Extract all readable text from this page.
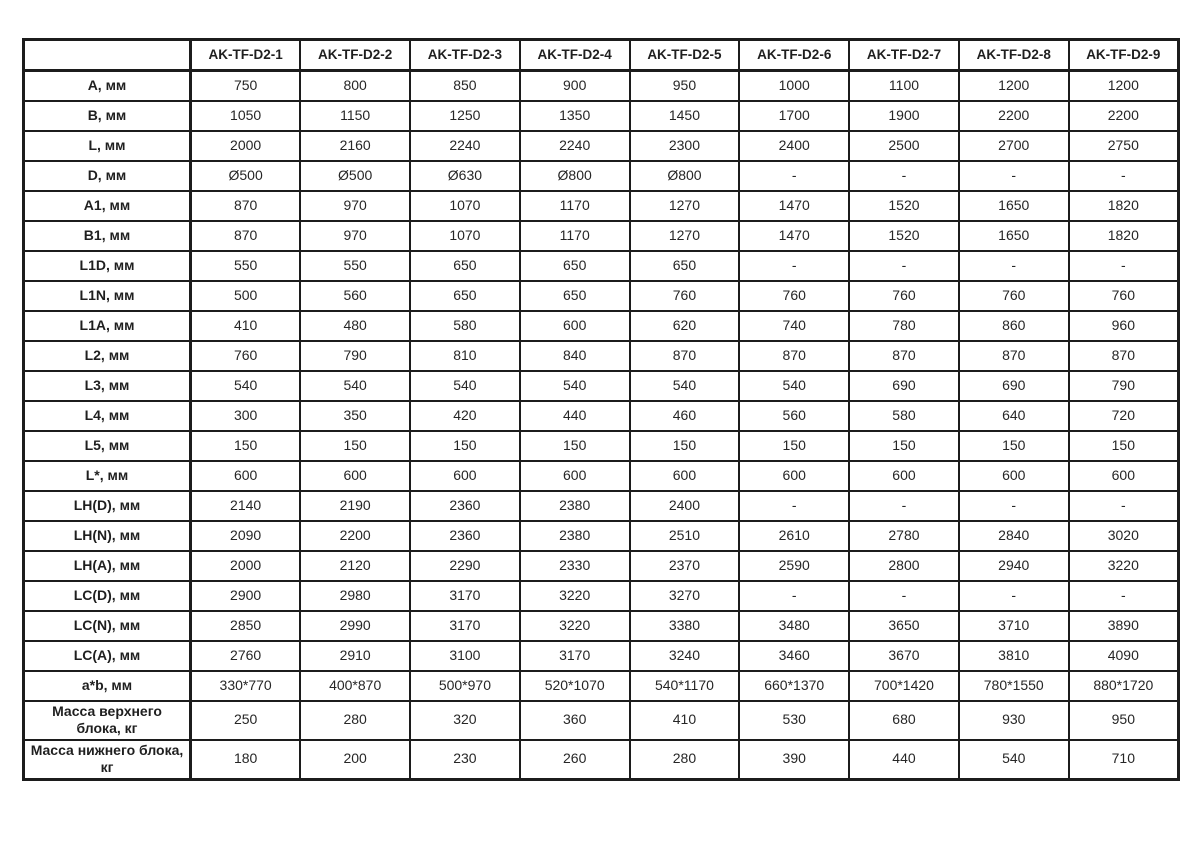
	AK-TF-D2-1	AK-TF-D2-2	AK-TF-D2-3	AK-TF-D2-4	AK-TF-D2-5	AK-TF-D2-6	AK-TF-D2-7	AK-TF-D2-8	AK-TF-D2-9
А, мм	750	800	850	900	950	1000	1100	1200	1200
B, мм	1050	1150	1250	1350	1450	1700	1900	2200	2200
L, мм	2000	2160	2240	2240	2300	2400	2500	2700	2750
D, мм	Ø500	Ø500	Ø630	Ø800	Ø800	-	-	-	-
A1, мм	870	970	1070	1170	1270	1470	1520	1650	1820
B1, мм	870	970	1070	1170	1270	1470	1520	1650	1820
L1D, мм	550	550	650	650	650	-	-	-	-
L1N, мм	500	560	650	650	760	760	760	760	760
L1A, мм	410	480	580	600	620	740	780	860	960
L2, мм	760	790	810	840	870	870	870	870	870
L3, мм	540	540	540	540	540	540	690	690	790
L4, мм	300	350	420	440	460	560	580	640	720
L5, мм	150	150	150	150	150	150	150	150	150
L*, мм	600	600	600	600	600	600	600	600	600
LH(D), мм	2140	2190	2360	2380	2400	-	-	-	-
LH(N), мм	2090	2200	2360	2380	2510	2610	2780	2840	3020
LH(A), мм	2000	2120	2290	2330	2370	2590	2800	2940	3220
LC(D), мм	2900	2980	3170	3220	3270	-	-	-	-
LC(N), мм	2850	2990	3170	3220	3380	3480	3650	3710	3890
LC(A), мм	2760	2910	3100	3170	3240	3460	3670	3810	4090
a*b, мм	330*770	400*870	500*970	520*1070	540*1170	660*1370	700*1420	780*1550	880*1720
Масса верхнего блока, кг	250	280	320	360	410	530	680	930	950
Масса нижнего блока, кг	180	200	230	260	280	390	440	540	710
